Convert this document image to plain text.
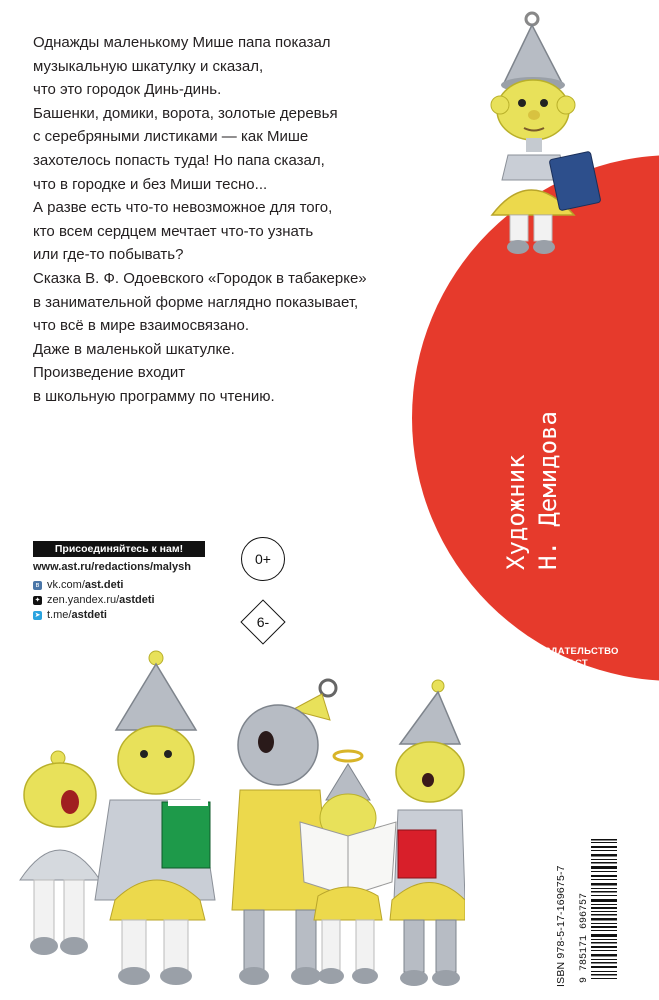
Однажды маленькому Мише папа показал
музыкальную шкатулку и сказал,
что это городок Динь-динь.
Башенки, домики, ворота, золотые деревья
с серебряными листиками — как Мише
захотелось попасть туда! Но папа сказал,
что в городке и без Миши тесно...
А разве есть что-то невозможное для того,
кто всем сердцем мечтает что-то узнать
или где-то побывать?
Сказка В. Ф. Одоевского «Городок в табакерке»
в занимательной форме наглядно показывает,
что всё в мире взаимосвязано.
Даже в маленькой шкатулке.
Произведение входит
в школьную программу по чтению.
Художник Н. Демидова
ИЗДАТЕЛЬСТВО
АСТ
Присоединяйтесь к нам!
www.ast.ru/redactions/malysh
в vk.com/ ast.deti
✦ zen.yandex.ru/ astdeti
➤ t.me/ astdeti
0+
6-
ISBN 978-5-17-169675-7 9 785171 696757
